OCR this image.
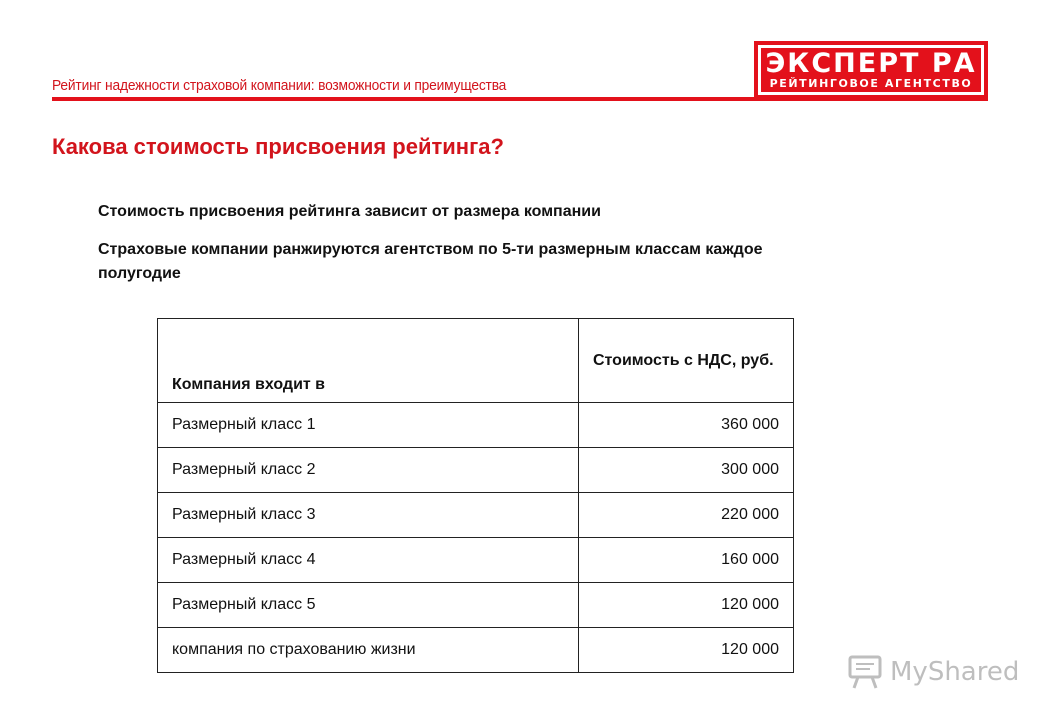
Рейтинг надежности страховой компании: возможности и преимущества
ЭКСПЕРТ РА
РЕЙТИНГОВОЕ АГЕНТСТВО
Какова стоимость присвоения рейтинга?
Стоимость присвоения рейтинга зависит от размера компании
Страховые компании ранжируются агентством по 5-ти размерным классам каждое полугодие
Компания входит в	Стоимость с НДС, руб.
Размерный класс 1	360 000
Размерный класс 2	300 000
Размерный класс 3	220 000
Размерный класс 4	160 000
Размерный класс 5	120 000
компания по страхованию жизни	120 000
MyShared
